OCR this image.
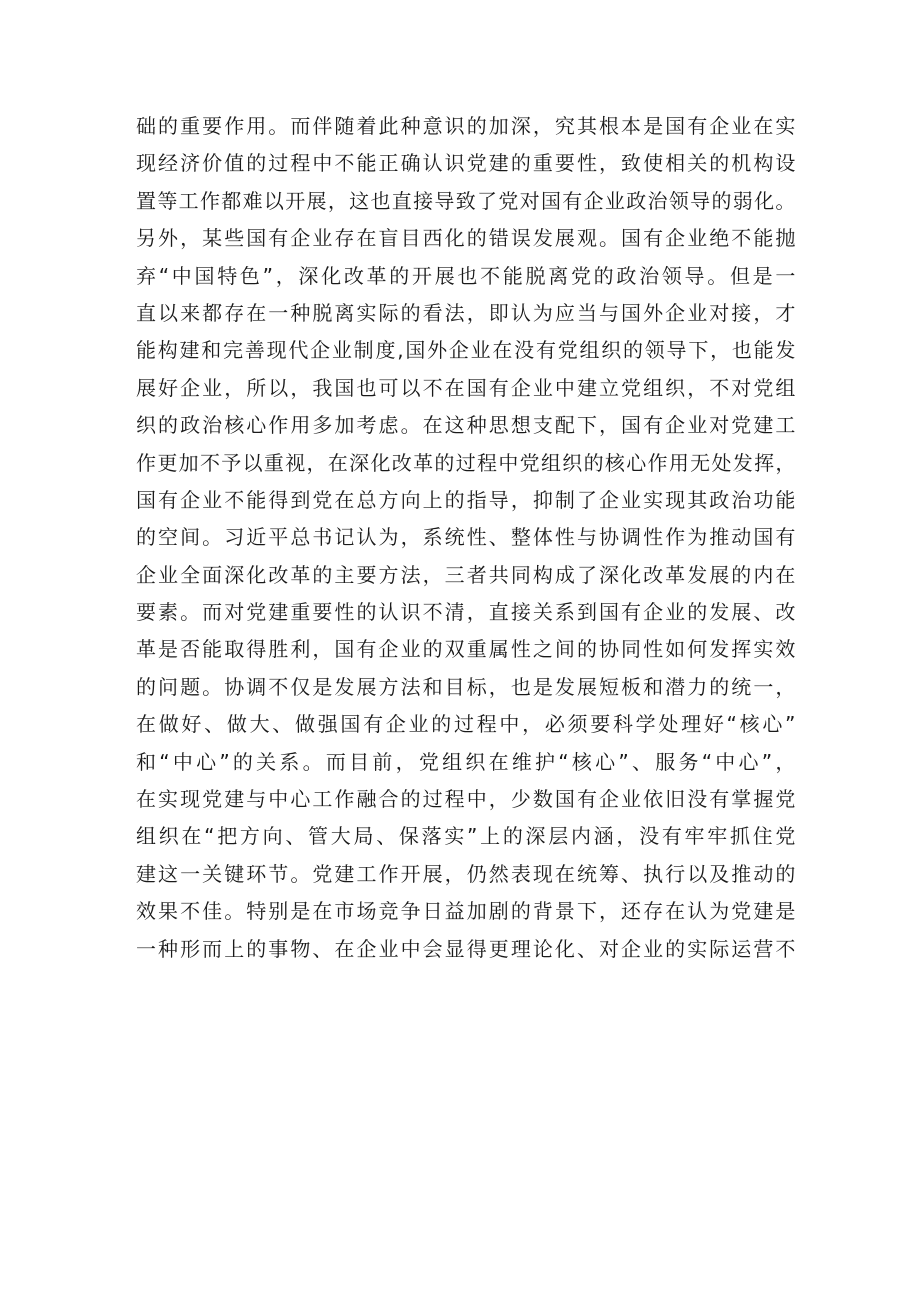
础的重要作用。而伴随着此种意识的加深，究其根本是国有企业在实
现经济价值的过程中不能正确认识党建的重要性，致使相关的机构设
置等工作都难以开展，这也直接导致了党对国有企业政治领导的弱化。
另外，某些国有企业存在盲目西化的错误发展观。国有企业绝不能抛
弃“中国特色”，深化改革的开展也不能脱离党的政治领导。但是一
直以来都存在一种脱离实际的看法，即认为应当与国外企业对接，才
能构建和完善现代企业制度,国外企业在没有党组织的领导下，也能发
展好企业，所以，我国也可以不在国有企业中建立党组织，不对党组
织的政治核心作用多加考虑。在这种思想支配下，国有企业对党建工
作更加不予以重视，在深化改革的过程中党组织的核心作用无处发挥，
国有企业不能得到党在总方向上的指导，抑制了企业实现其政治功能
的空间。习近平总书记认为，系统性、整体性与协调性作为推动国有
企业全面深化改革的主要方法，三者共同构成了深化改革发展的内在
要素。而对党建重要性的认识不清，直接关系到国有企业的发展、改
革是否能取得胜利，国有企业的双重属性之间的协同性如何发挥实效
的问题。协调不仅是发展方法和目标，也是发展短板和潜力的统一，
在做好、做大、做强国有企业的过程中，必须要科学处理好“核心”
和“中心”的关系。而目前，党组织在维护“核心”、服务“中心”，
在实现党建与中心工作融合的过程中，少数国有企业依旧没有掌握党
组织在“把方向、管大局、保落实”上的深层内涵，没有牢牢抓住党
建这一关键环节。党建工作开展，仍然表现在统筹、执行以及推动的
效果不佳。特别是在市场竞争日益加剧的背景下，还存在认为党建是
一种形而上的事物、在企业中会显得更理论化、对企业的实际运营不
